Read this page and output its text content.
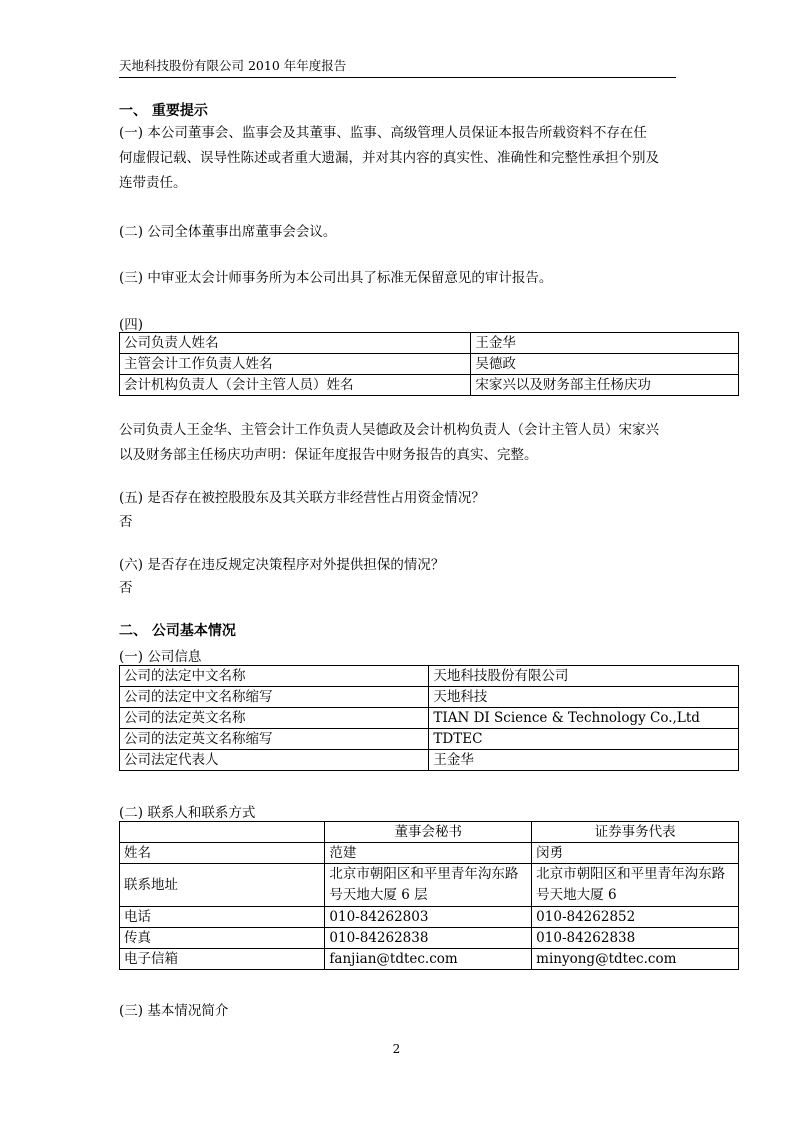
天地科技股份有限公司 2010 年年度报告
一、 重要提示
(一) 本公司董事会、监事会及其董事、监事、高级管理人员保证本报告所载资料不存在任
何虚假记载、误导性陈述或者重大遗漏，并对其内容的真实性、准确性和完整性承担个别及
连带责任。
(二) 公司全体董事出席董事会会议。
(三) 中审亚太会计师事务所为本公司出具了标准无保留意见的审计报告。
(四)
公司负责人姓名	王金华
主管会计工作负责人姓名	吴德政
会计机构负责人（会计主管人员）姓名	宋家兴以及财务部主任杨庆功
公司负责人王金华、主管会计工作负责人吴德政及会计机构负责人（会计主管人员）宋家兴
以及财务部主任杨庆功声明：保证年度报告中财务报告的真实、完整。
(五) 是否存在被控股股东及其关联方非经营性占用资金情况？
否
(六) 是否存在违反规定决策程序对外提供担保的情况？
否
二、 公司基本情况
(一) 公司信息
公司的法定中文名称	天地科技股份有限公司
公司的法定中文名称缩写	天地科技
公司的法定英文名称	TIAN DI Science & Technology Co.,Ltd
公司的法定英文名称缩写	TDTEC
公司法定代表人	王金华
(二) 联系人和联系方式
	董事会秘书	证券事务代表
姓名	范建	闵勇
联系地址	北京市朝阳区和平里青年沟东路号天地大厦 6 层	北京市朝阳区和平里青年沟东路号天地大厦 6
电话	010-84262803	010-84262852
传真	010-84262838	010-84262838
电子信箱	fanjian@tdtec.com	minyong@tdtec.com
(三) 基本情况简介
2
